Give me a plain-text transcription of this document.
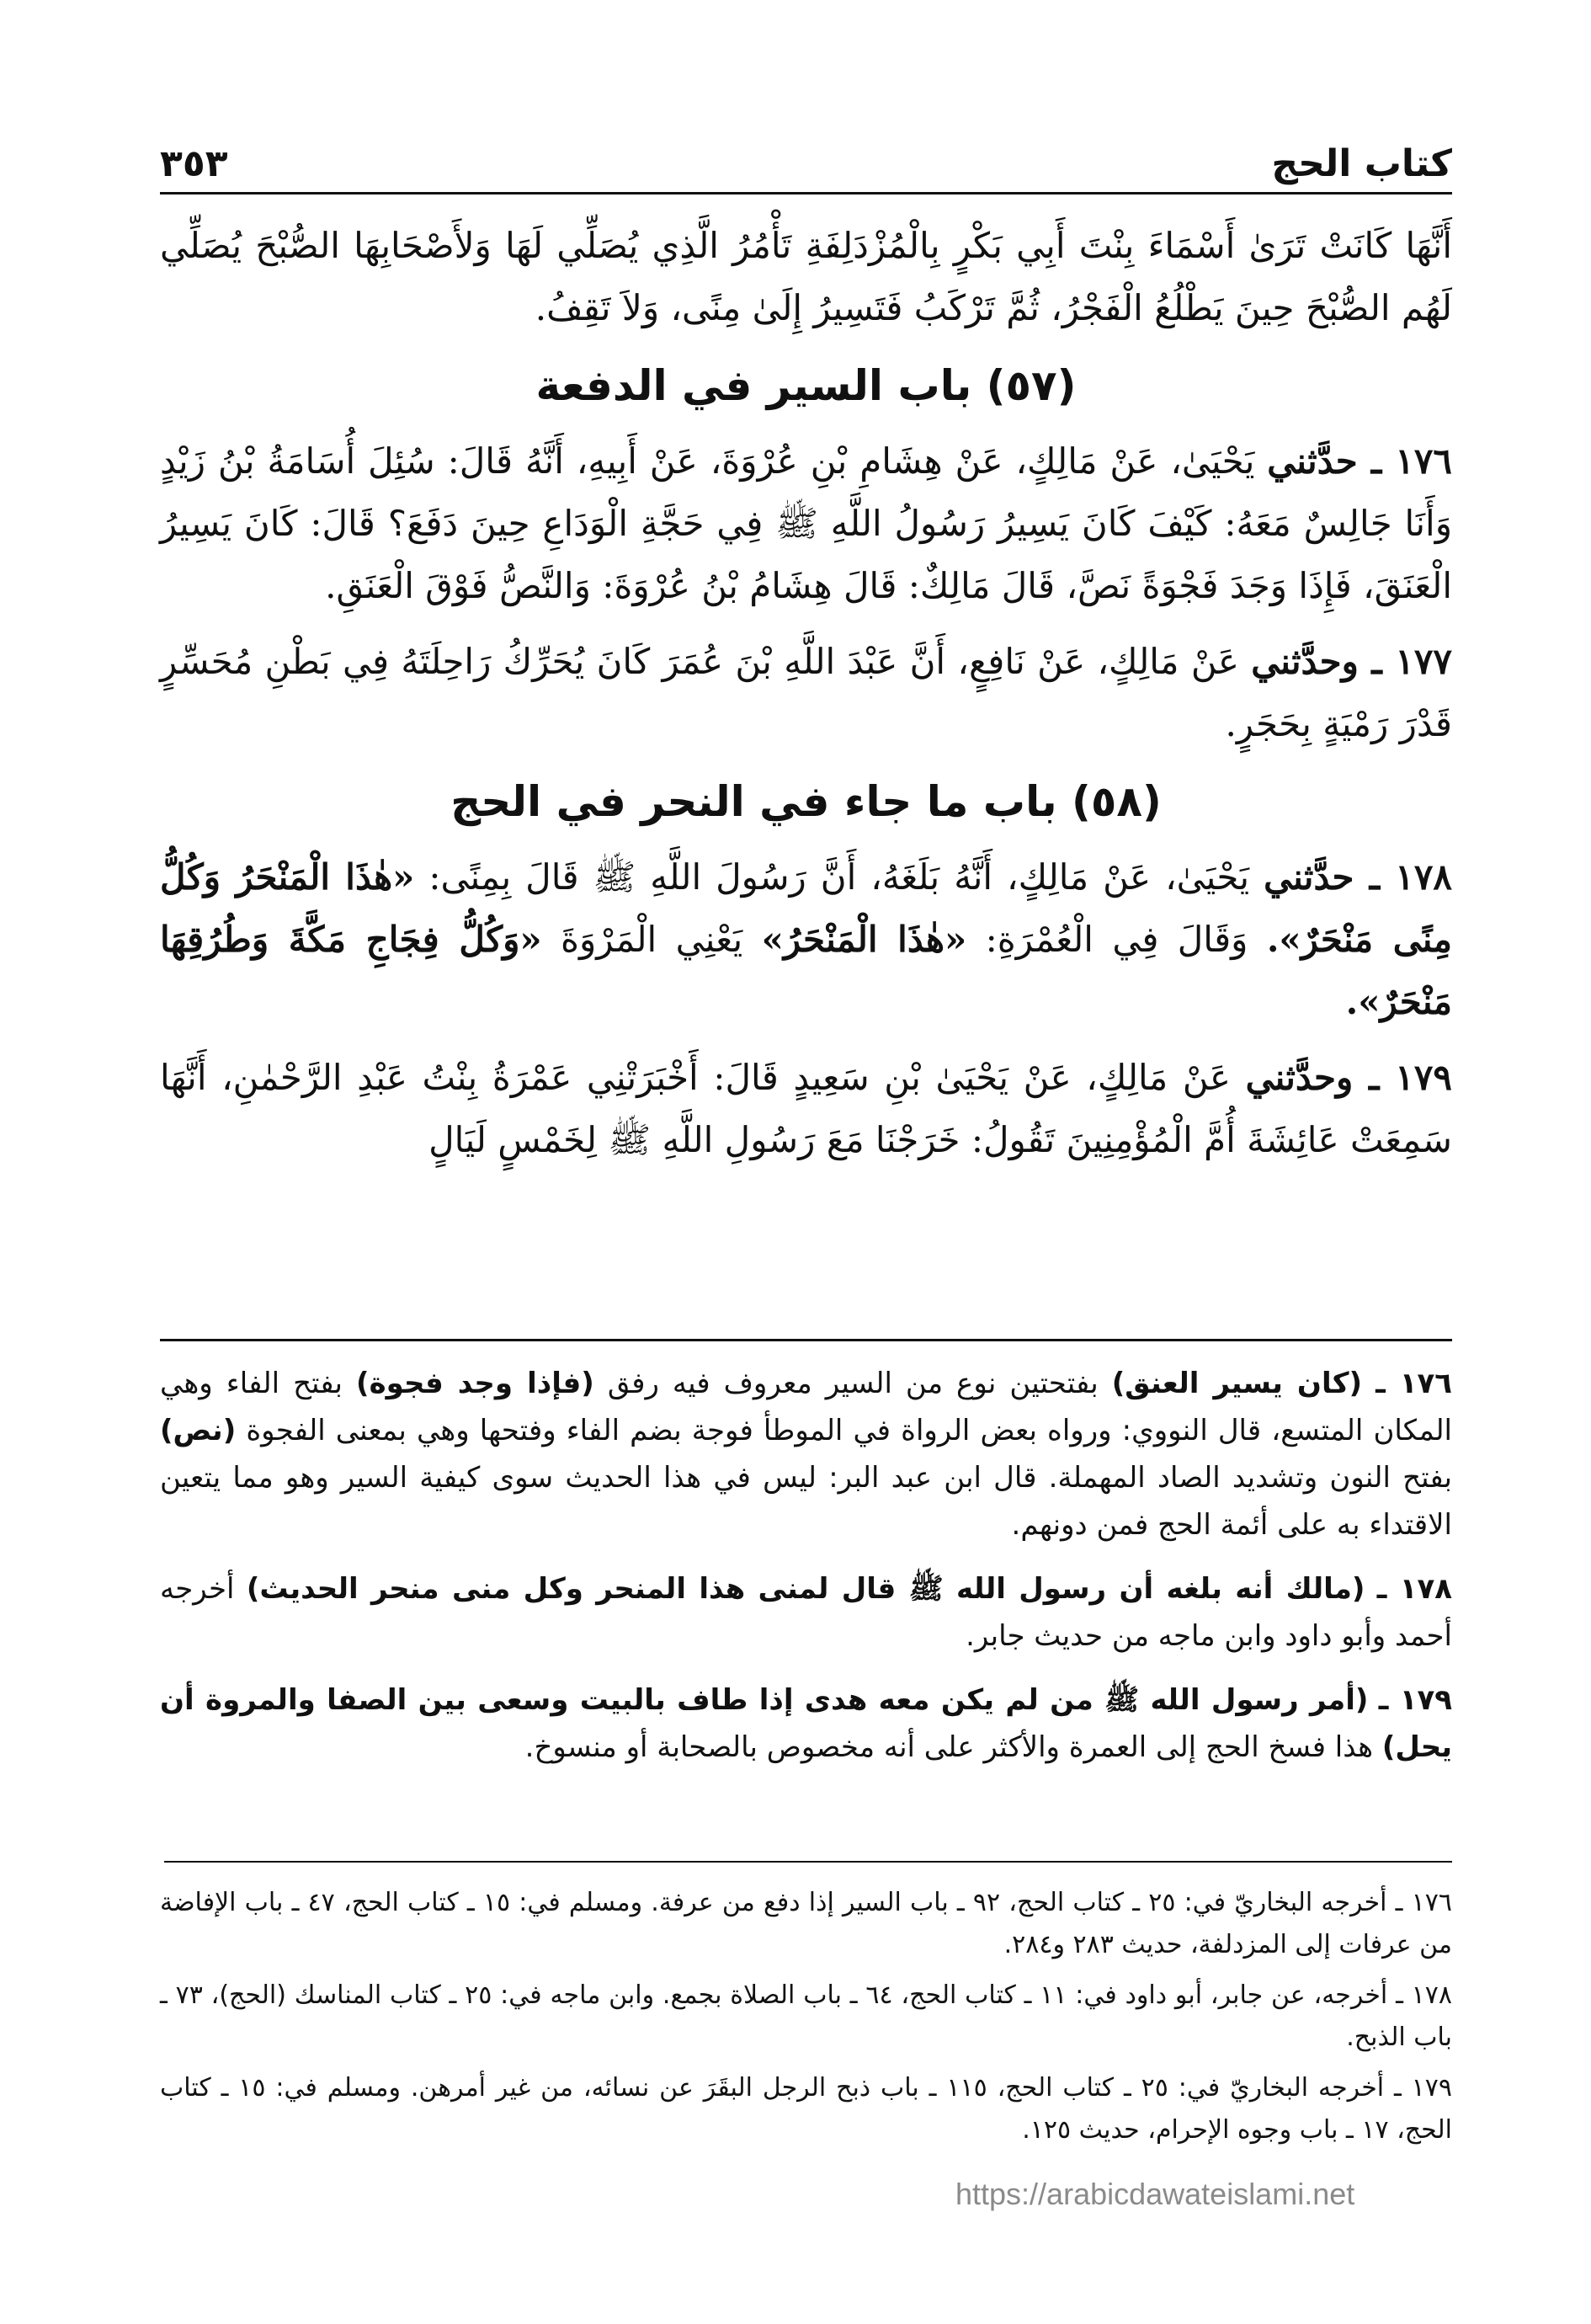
كتاب الحج
٣٥٣

أَنَّهَا كَانَتْ تَرَىٰ أَسْمَاءَ بِنْتَ أَبِي بَكْرٍ بِالْمُزْدَلِفَةِ تَأْمُرُ الَّذِي يُصَلِّي لَهَا وَلأَصْحَابِهَا الصُّبْحَ يُصَلِّي لَهُم الصُّبْحَ حِينَ يَطْلُعُ الْفَجْرُ، ثُمَّ تَرْكَبُ فَتَسِيرُ إِلَىٰ مِنًى، وَلاَ تَقِفُ.

(٥٧) باب السير في الدفعة

١٧٦ ـ حدَّثني يَحْيَىٰ، عَنْ مَالِكٍ، عَنْ هِشَامِ بْنِ عُرْوَةَ، عَنْ أَبِيهِ، أَنَّهُ قَالَ: سُئِلَ أُسَامَةُ بْنُ زَيْدٍ وَأَنَا جَالِسٌ مَعَهُ: كَيْفَ كَانَ يَسِيرُ رَسُولُ اللَّهِ ﷺ فِي حَجَّةِ الْوَدَاعِ حِينَ دَفَعَ؟ قَالَ: كَانَ يَسِيرُ الْعَنَقَ، فَإِذَا وَجَدَ فَجْوَةً نَصَّ، قَالَ مَالِكٌ: قَالَ هِشَامُ بْنُ عُرْوَةَ: وَالنَّصُّ فَوْقَ الْعَنَقِ.

١٧٧ ـ وحدَّثني عَنْ مَالِكٍ، عَنْ نَافِعٍ، أَنَّ عَبْدَ اللَّهِ بْنَ عُمَرَ كَانَ يُحَرِّكُ رَاحِلَتَهُ فِي بَطْنِ مُحَسِّرٍ قَدْرَ رَمْيَةٍ بِحَجَرٍ.

(٥٨) باب ما جاء في النحر في الحج

١٧٨ ـ حدَّثني يَحْيَىٰ، عَنْ مَالِكٍ، أَنَّهُ بَلَغَهُ، أَنَّ رَسُولَ اللَّهِ ﷺ قَالَ بِمِنًى: «هٰذَا الْمَنْحَرُ وَكُلُّ مِنًى مَنْحَرٌ». وَقَالَ فِي الْعُمْرَةِ: «هٰذَا الْمَنْحَرُ» يَعْنِي الْمَرْوَةَ «وَكُلُّ فِجَاجِ مَكَّةَ وَطُرُقِهَا مَنْحَرٌ».

١٧٩ ـ وحدَّثني عَنْ مَالِكٍ، عَنْ يَحْيَىٰ بْنِ سَعِيدٍ قَالَ: أَخْبَرَتْنِي عَمْرَةُ بِنْتُ عَبْدِ الرَّحْمٰنِ، أَنَّهَا سَمِعَتْ عَائِشَةَ أُمَّ الْمُؤْمِنِينَ تَقُولُ: خَرَجْنَا مَعَ رَسُولِ اللَّهِ ﷺ لِخَمْسٍ لَيَالٍ

١٧٦ ـ (كان يسير العنق) بفتحتين نوع من السير معروف فيه رفق (فإذا وجد فجوة) بفتح الفاء وهي المكان المتسع، قال النووي: ورواه بعض الرواة في الموطأ فوجة بضم الفاء وفتحها وهي بمعنى الفجوة (نص) بفتح النون وتشديد الصاد المهملة. قال ابن عبد البر: ليس في هذا الحديث سوى كيفية السير وهو مما يتعين الاقتداء به على أئمة الحج فمن دونهم.

١٧٨ ـ (مالك أنه بلغه أن رسول الله ﷺ قال لمنى هذا المنحر وكل منى منحر الحديث) أخرجه أحمد وأبو داود وابن ماجه من حديث جابر.

١٧٩ ـ (أمر رسول الله ﷺ من لم يكن معه هدى إذا طاف بالبيت وسعى بين الصفا والمروة أن يحل) هذا فسخ الحج إلى العمرة والأكثر على أنه مخصوص بالصحابة أو منسوخ.

١٧٦ ـ أخرجه البخاريّ في: ٢٥ ـ كتاب الحج، ٩٢ ـ باب السير إذا دفع من عرفة. ومسلم في: ١٥ ـ كتاب الحج، ٤٧ ـ باب الإفاضة من عرفات إلى المزدلفة، حديث ٢٨٣ و٢٨٤.

١٧٨ ـ أخرجه، عن جابر، أبو داود في: ١١ ـ كتاب الحج، ٦٤ ـ باب الصلاة بجمع. وابن ماجه في: ٢٥ ـ كتاب المناسك (الحج)، ٧٣ ـ باب الذبح.

١٧٩ ـ أخرجه البخاريّ في: ٢٥ ـ كتاب الحج، ١١٥ ـ باب ذبح الرجل البقَرَ عن نسائه، من غير أمرهن. ومسلم في: ١٥ ـ كتاب الحج، ١٧ ـ باب وجوه الإحرام، حديث ١٢٥.

https://arabicdawateislami.net
